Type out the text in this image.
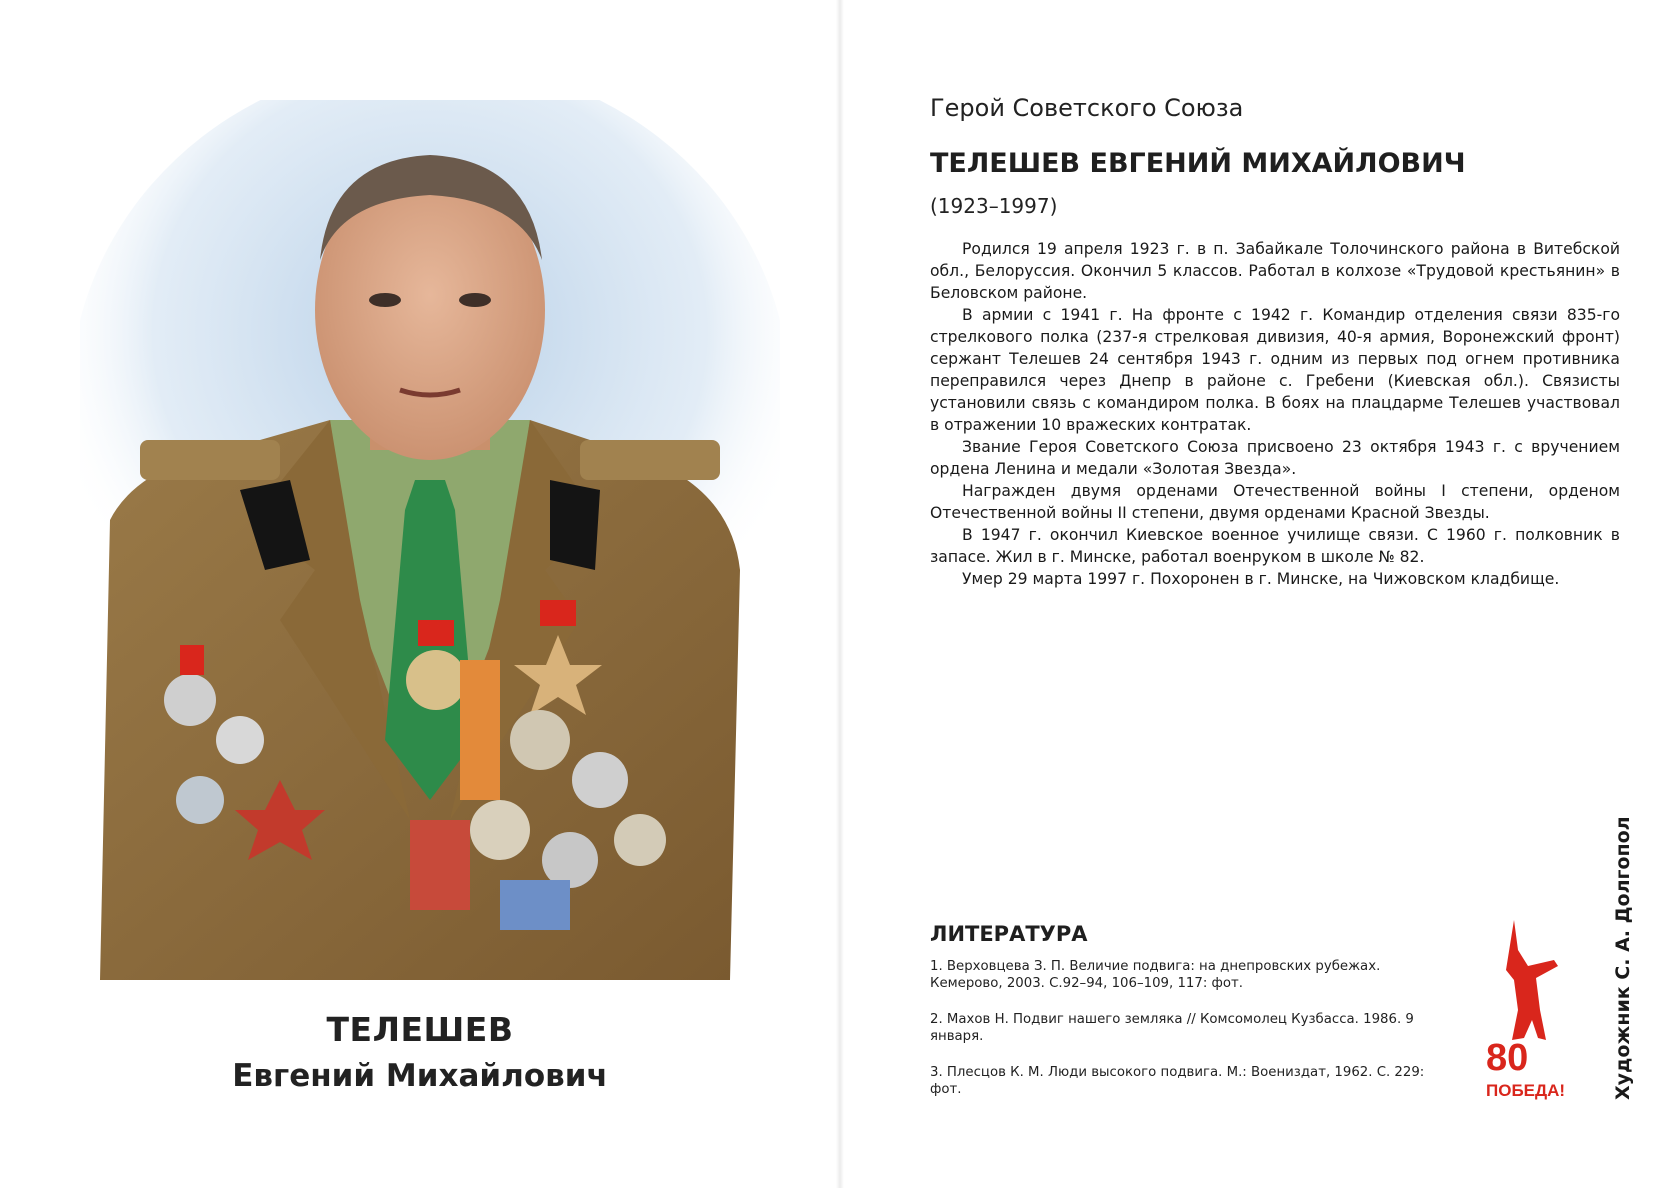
ТЕЛЕШЕВ
Евгений Михайлович
Герой Советского Союза
ТЕЛЕШЕВ ЕВГЕНИЙ МИХАЙЛОВИЧ
(1923–1997)

Родился 19 апреля 1923 г. в п. Забайкале Толочинского района в Витебской обл., Белоруссия. Окончил 5 классов. Работал в колхозе «Трудовой крестьянин» в Беловском районе.

В армии с 1941 г. На фронте с 1942 г. Командир отделения связи 835-го стрелкового полка (237-я стрелковая дивизия, 40-я армия, Воронежский фронт) сержант Телешев 24 сентября 1943 г. одним из первых под огнем противника переправился через Днепр в районе с. Гребени (Киевская обл.). Связисты установили связь с командиром полка. В боях на плацдарме Телешев участвовал в отражении 10 вражеских контратак.

Звание Героя Советского Союза присвоено 23 октября 1943 г. с вручением ордена Ленина и медали «Золотая Звезда».

Награжден двумя орденами Отечественной войны I степени, орденом Отечественной войны II степени, двумя орденами Красной Звезды.

В 1947 г. окончил Киевское военное училище связи. С 1960 г. полковник в запасе. Жил в г. Минске, работал военруком в школе № 82.

Умер 29 марта 1997 г. Похоронен в г. Минске, на Чижовском кладбище.

ЛИТЕРАТУРА
1. Верховцева З. П. Величие подвига: на днепровских рубежах. Кемерово, 2003. С.92–94, 106–109, 117: фот.
2. Махов Н. Подвиг нашего земляка // Комсомолец Кузбасса. 1986. 9 января.
3. Плесцов К. М. Люди высокого подвига. М.: Воениздат, 1962. С. 229: фот.
80
ПОБЕДА! Художник С. А. Долгопол
